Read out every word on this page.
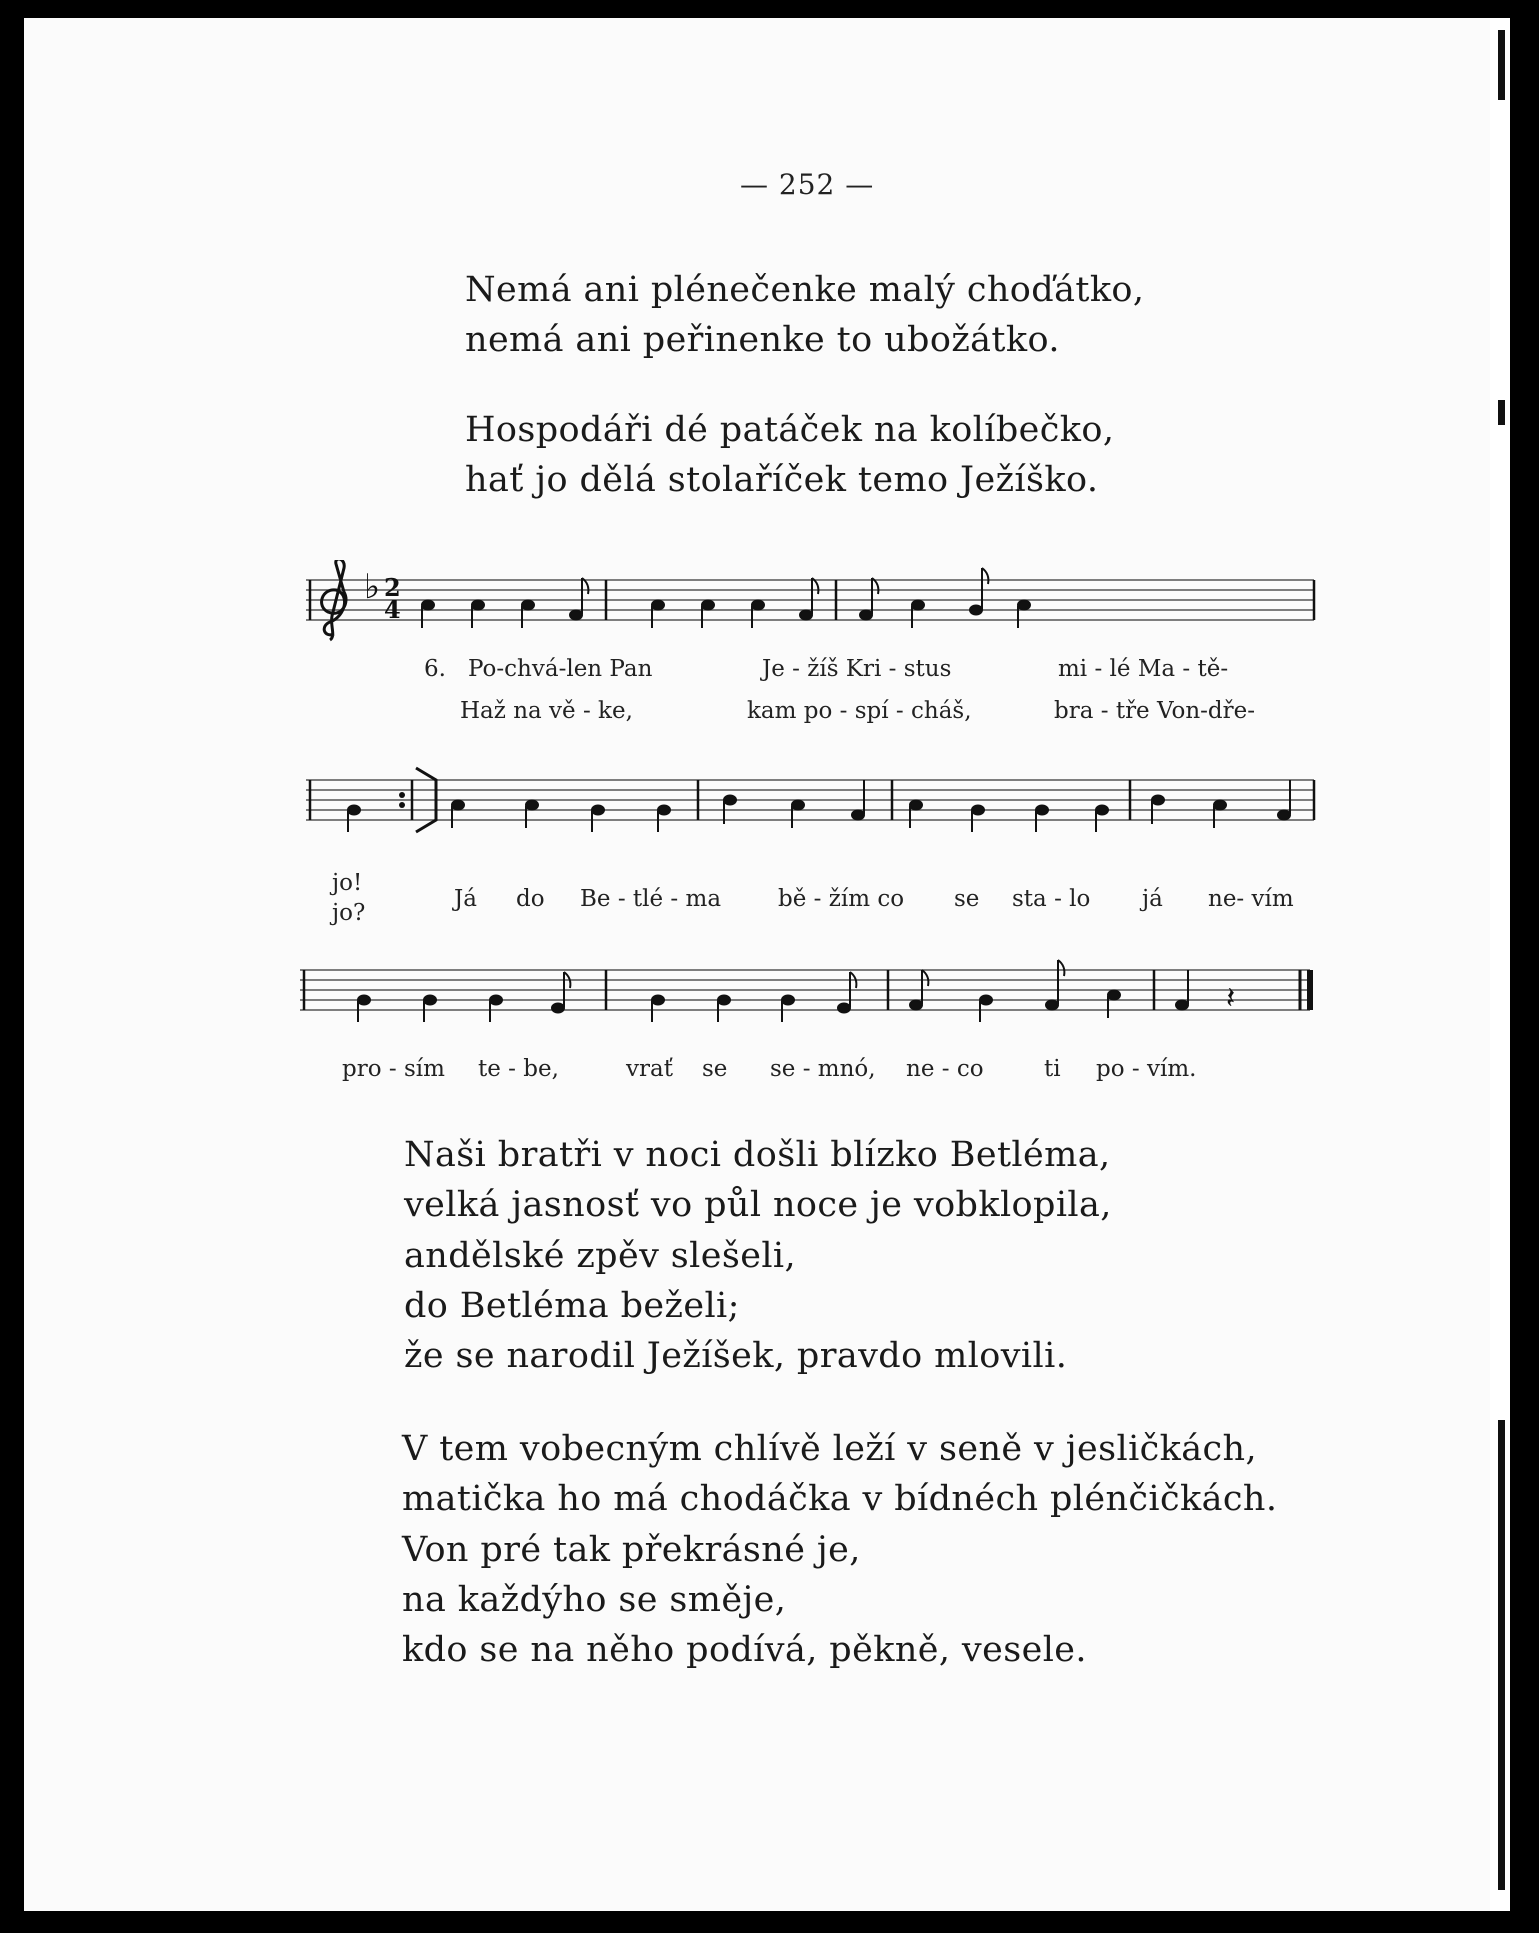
— 252 —
Nemá ani plénečenke malý choďátko,
nemá ani peřinenke to ubožátko.
Hospodáři dé patáček na kolíbečko,
hať jo dělá stolaříček temo Ježíško.
♭ 2
4
6. Po-chvá-len Pan	Je - žíš Kri - stus	mi - lé Ma - tě-
Haž na vě - ke,	kam po - spí - cháš,	bra - tře Von-dře-
jo!
jo?
Já do Be - tlé - ma bě - žím co se sta - lo já ne- vím
𝄽
pro - sím te - be,	vrať se se - mnó, ne - co	ti po - vím.
Naši bratři v noci došli blízko Betléma,
velká jasnosť vo půl noce je vobklopila,
andělské zpěv slešeli,
do Betléma beželi;
že se narodil Ježíšek, pravdo mlovili.
V tem vobecným chlívě leží v seně v jesličkách,
matička ho má chodáčka v bídnéch plénčičkách.
Von pré tak překrásné je,
na každýho se směje,
kdo se na něho podívá, pěkně, vesele.
